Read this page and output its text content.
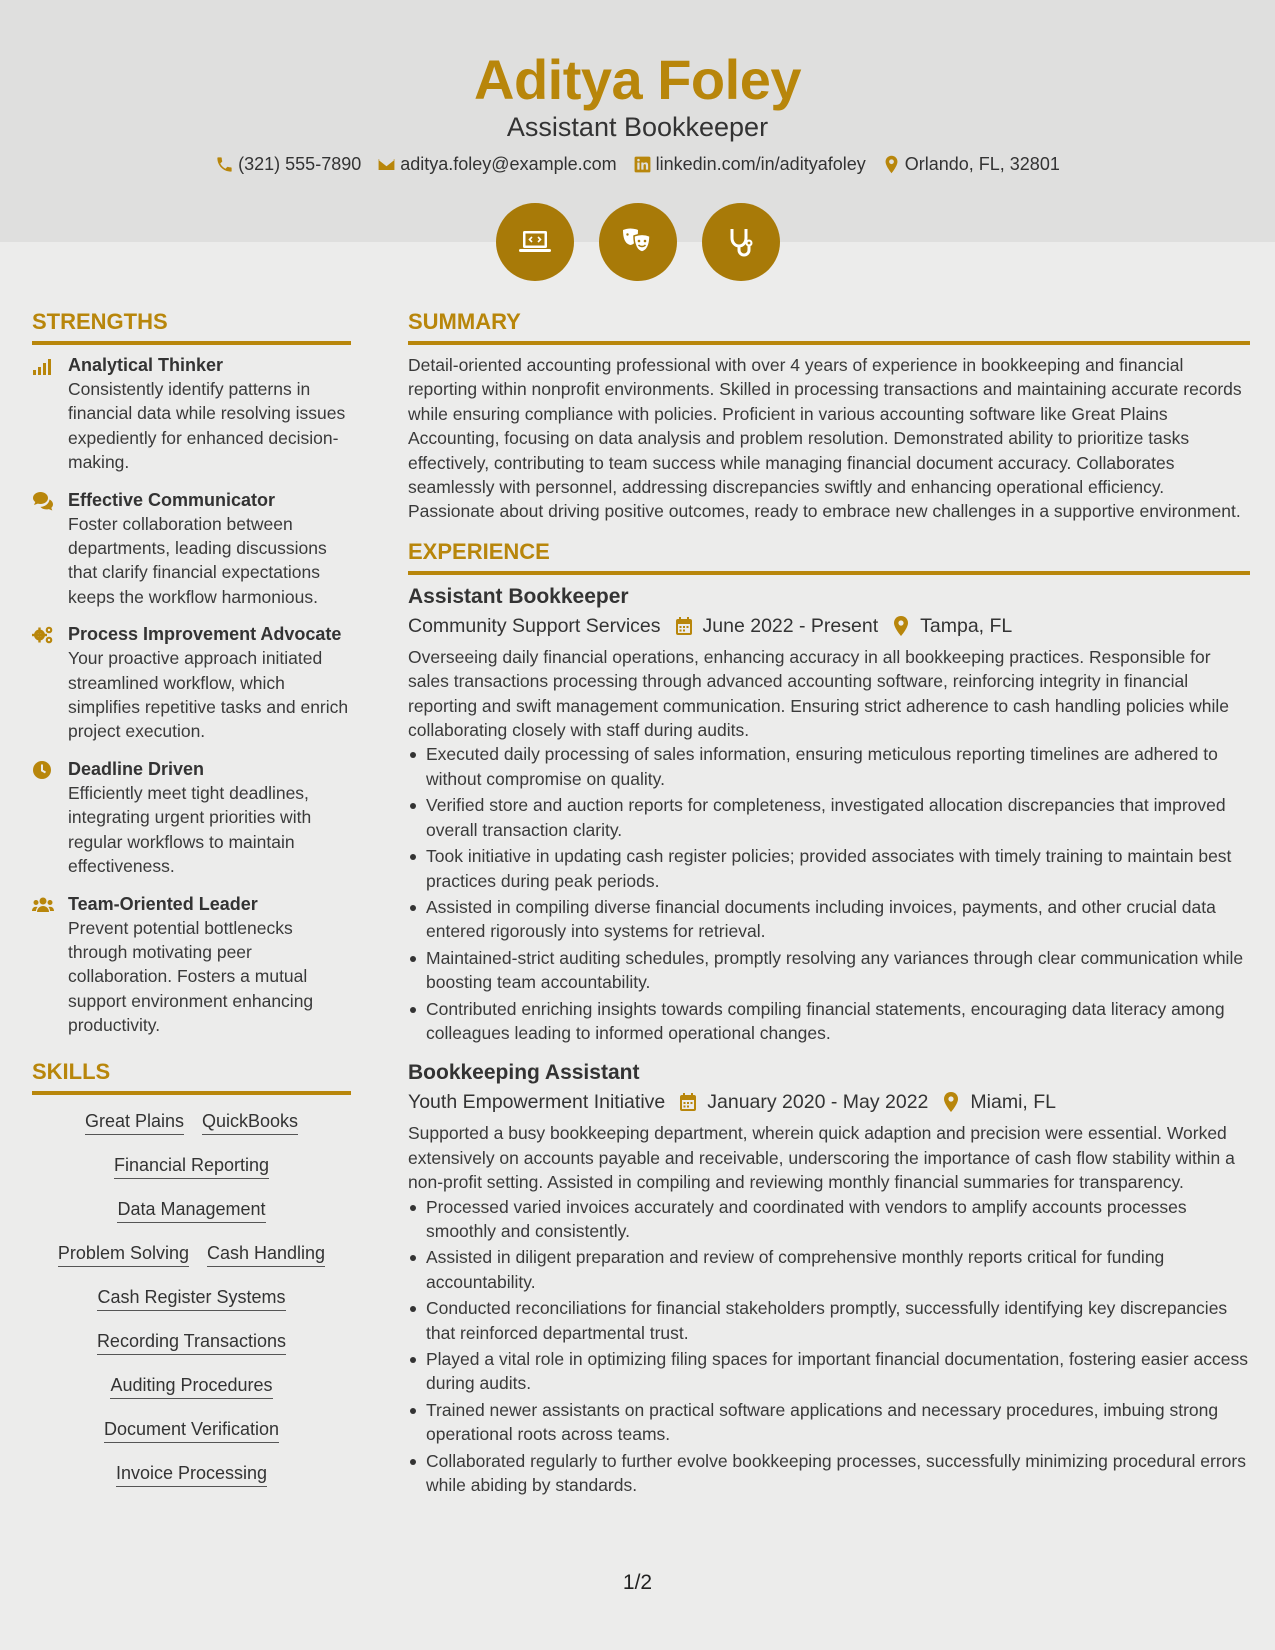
Aditya Foley
Assistant Bookkeeper
(321) 555-7890 aditya.foley@example.com linkedin.com/in/adityafoley Orlando, FL, 32801
STRENGTHS
Analytical Thinker
Consistently identify patterns in financial data while resolving issues expediently for enhanced decision-making.
Effective Communicator
Foster collaboration between departments, leading discussions that clarify financial expectations keeps the workflow harmonious.
Process Improvement Advocate
Your proactive approach initiated streamlined workflow, which simplifies repetitive tasks and enrich project execution.
Deadline Driven
Efficiently meet tight deadlines, integrating urgent priorities with regular workflows to maintain effectiveness.
Team-Oriented Leader
Prevent potential bottlenecks through motivating peer collaboration. Fosters a mutual support environment enhancing productivity.
SKILLS
Great Plains QuickBooks
Financial Reporting
Data Management
Problem Solving Cash Handling
Cash Register Systems
Recording Transactions
Auditing Procedures
Document Verification
Invoice Processing
SUMMARY

Detail-oriented accounting professional with over 4 years of experience in bookkeeping and financial reporting within nonprofit environments. Skilled in processing transactions and maintaining accurate records while ensuring compliance with policies. Proficient in various accounting software like Great Plains Accounting, focusing on data analysis and problem resolution. Demonstrated ability to prioritize tasks effectively, contributing to team success while managing financial document accuracy. Collaborates seamlessly with personnel, addressing discrepancies swiftly and enhancing operational efficiency. Passionate about driving positive outcomes, ready to embrace new challenges in a supportive environment.

EXPERIENCE
Assistant Bookkeeper
Community Support Services June 2022 - Present Tampa, FL

Overseeing daily financial operations, enhancing accuracy in all bookkeeping practices. Responsible for sales transactions processing through advanced accounting software, reinforcing integrity in financial reporting and swift management communication. Ensuring strict adherence to cash handling policies while collaborating closely with staff during audits.

Executed daily processing of sales information, ensuring meticulous reporting timelines are adhered to without compromise on quality.
Verified store and auction reports for completeness, investigated allocation discrepancies that improved overall transaction clarity.
Took initiative in updating cash register policies; provided associates with timely training to maintain best practices during peak periods.
Assisted in compiling diverse financial documents including invoices, payments, and other crucial data entered rigorously into systems for retrieval.
Maintained-strict auditing schedules, promptly resolving any variances through clear communication while boosting team accountability.
Contributed enriching insights towards compiling financial statements, encouraging data literacy among colleagues leading to informed operational changes.
Bookkeeping Assistant
Youth Empowerment Initiative January 2020 - May 2022 Miami, FL

Supported a busy bookkeeping department, wherein quick adaption and precision were essential. Worked extensively on accounts payable and receivable, underscoring the importance of cash flow stability within a non-profit setting. Assisted in compiling and reviewing monthly financial summaries for transparency.

Processed varied invoices accurately and coordinated with vendors to amplify accounts processes smoothly and consistently.
Assisted in diligent preparation and review of comprehensive monthly reports critical for funding accountability.
Conducted reconciliations for financial stakeholders promptly, successfully identifying key discrepancies that reinforced departmental trust.
Played a vital role in optimizing filing spaces for important financial documentation, fostering easier access during audits.
Trained newer assistants on practical software applications and necessary procedures, imbuing strong operational roots across teams.
Collaborated regularly to further evolve bookkeeping processes, successfully minimizing procedural errors while abiding by standards.
1/2
